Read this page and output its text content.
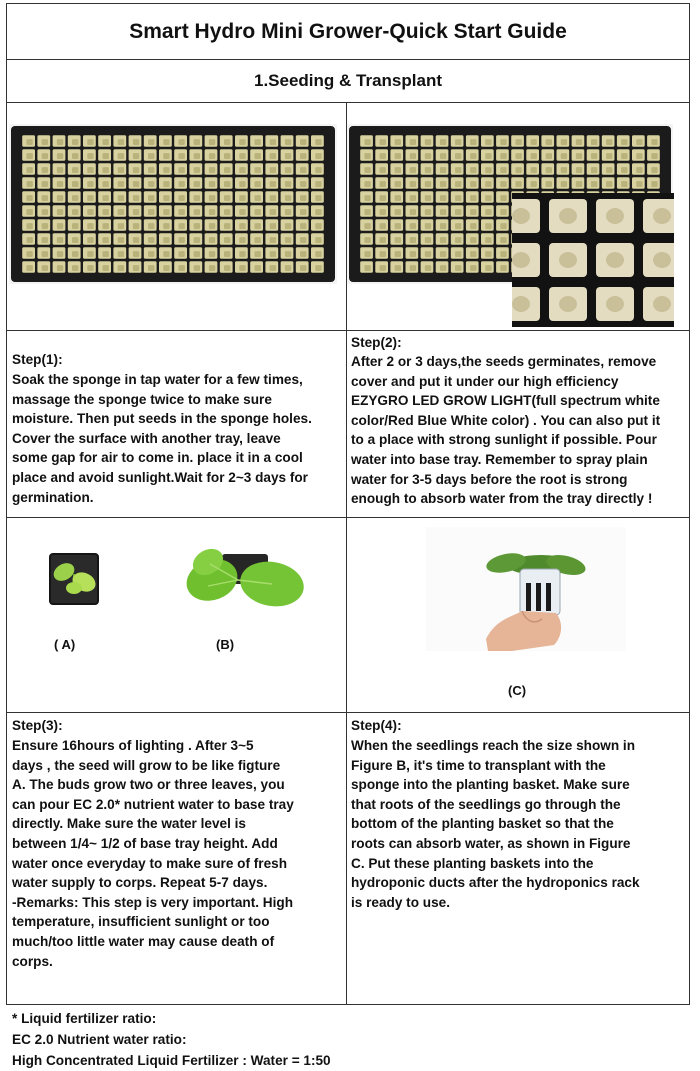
Smart Hydro Mini Grower-Quick Start Guide
1.Seeding & Transplant
Step(1):
Soak the sponge in tap water for a few times,
massage the sponge twice to make sure
moisture. Then put seeds in the sponge holes.
Cover the surface with another tray, leave
some gap for air to come in. place it in a cool
place and avoid sunlight.Wait for 2~3 days for
germination.
Step(2):
After 2 or 3 days,the seeds germinates, remove
cover and put it under our high efficiency
EZYGRO LED GROW LIGHT(full spectrum white
color/Red Blue White color) . You can also put it
to a place with strong sunlight if possible. Pour
water into base tray. Remember to spray plain
water for 3-5 days before the root is strong
enough to absorb water from the tray directly !
( A)	(B)
(C)
Step(3):
Ensure 16hours of lighting . After 3~5
days , the seed will grow to be like figture
A. The buds grow two or three leaves, you
can pour EC 2.0* nutrient water to base tray
directly. Make sure the water level is
between 1/4~ 1/2 of base tray height. Add
water once everyday to make sure of fresh
water supply to corps. Repeat 5-7 days.
-Remarks: This step is very important. High
temperature, insufficient sunlight or too
much/too little water may cause death of
corps.
Step(4):
When the seedlings reach the size shown in
Figure B, it's time to transplant with the
sponge into the planting basket. Make sure
that roots of the seedlings go through the
bottom of the planting basket so that the
roots can absorb water, as shown in Figure
C. Put these planting baskets into the
hydroponic ducts after the hydroponics rack
is ready to use.
* Liquid fertilizer ratio:
EC 2.0 Nutrient water ratio:
High Concentrated Liquid Fertilizer : Water = 1:50
